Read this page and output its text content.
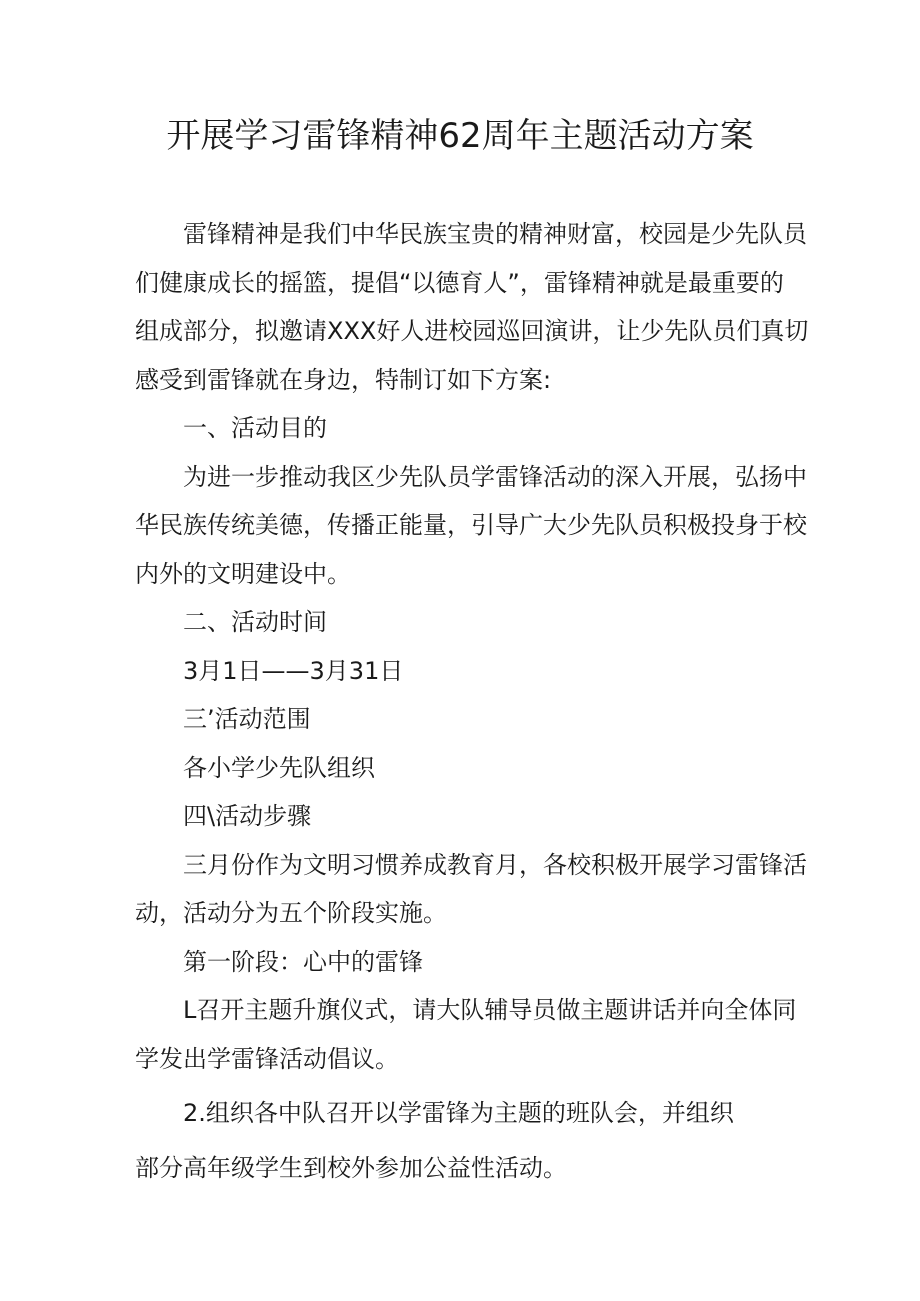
开展学习雷锋精神62周年主题活动方案

雷锋精神是我们中华民族宝贵的精神财富，校园是少先队员

们健康成长的摇篮，提倡“以德育人”，雷锋精神就是最重要的

组成部分，拟邀请XXX好人进校园巡回演讲，让少先队员们真切

感受到雷锋就在身边，特制订如下方案:

一、活动目的

为进一步推动我区少先队员学雷锋活动的深入开展，弘扬中

华民族传统美德，传播正能量，引导广大少先队员积极投身于校

内外的文明建设中。

二、活动时间

3月1日——3月31日

三’活动范围

各小学少先队组织

四\活动步骤

三月份作为文明习惯养成教育月，各校积极开展学习雷锋活

动，活动分为五个阶段实施。

第一阶段：心中的雷锋

L召开主题升旗仪式，请大队辅导员做主题讲话并向全体同

学发出学雷锋活动倡议。

2.组织各中队召开以学雷锋为主题的班队会，并组织

部分高年级学生到校外参加公益性活动。
